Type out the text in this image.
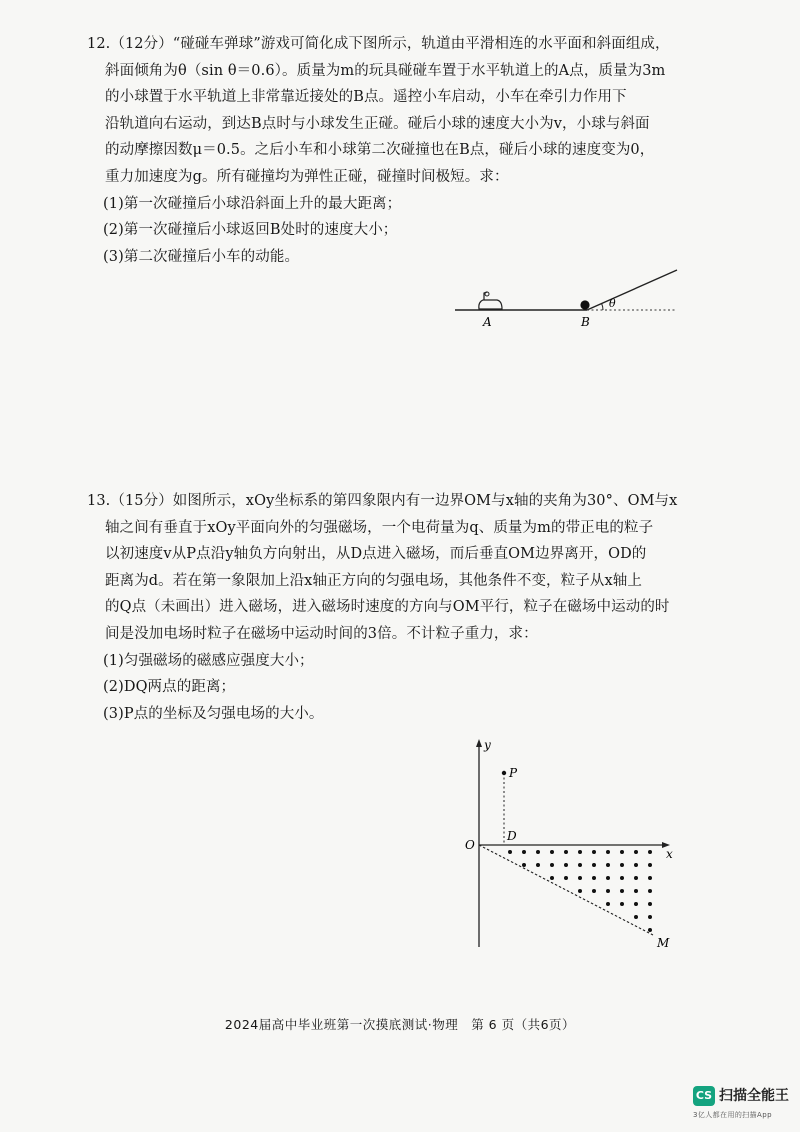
12.（12分）“碰碰车弹球”游戏可简化成下图所示，轨道由平滑相连的水平面和斜面组成，
斜面倾角为θ（sin θ＝0.6）。质量为m的玩具碰碰车置于水平轨道上的A点，质量为3m
的小球置于水平轨道上非常靠近接处的B点。遥控小车启动，小车在牵引力作用下
沿轨道向右运动，到达B点时与小球发生正碰。碰后小球的速度大小为v，小球与斜面
的动摩擦因数μ＝0.5。之后小车和小球第二次碰撞也在B点，碰后小球的速度变为0，
重力加速度为g。所有碰撞均为弹性正碰，碰撞时间极短。求：
(1)第一次碰撞后小球沿斜面上升的最大距离；
(2)第一次碰撞后小球返回B处时的速度大小；
(3)第二次碰撞后小车的动能。
A	B
θ
13.（15分）如图所示，xOy坐标系的第四象限内有一边界OM与x轴的夹角为30°、OM与x
轴之间有垂直于xOy平面向外的匀强磁场，一个电荷量为q、质量为m的带正电的粒子
以初速度v从P点沿y轴负方向射出，从D点进入磁场，而后垂直OM边界离开，OD的
距离为d。若在第一象限加上沿x轴正方向的匀强电场，其他条件不变，粒子从x轴上
的Q点（未画出）进入磁场，进入磁场时速度的方向与OM平行，粒子在磁场中运动的时
间是没加电场时粒子在磁场中运动时间的3倍。不计粒子重力，求：
(1)匀强磁场的磁感应强度大小；
(2)DQ两点的距离；
(3)P点的坐标及匀强电场的大小。
y
x
O
P
D
M
2024届高中毕业班第一次摸底测试·物理　第 6 页（共6页）
CS 扫描全能王
3亿人都在用的扫描App
